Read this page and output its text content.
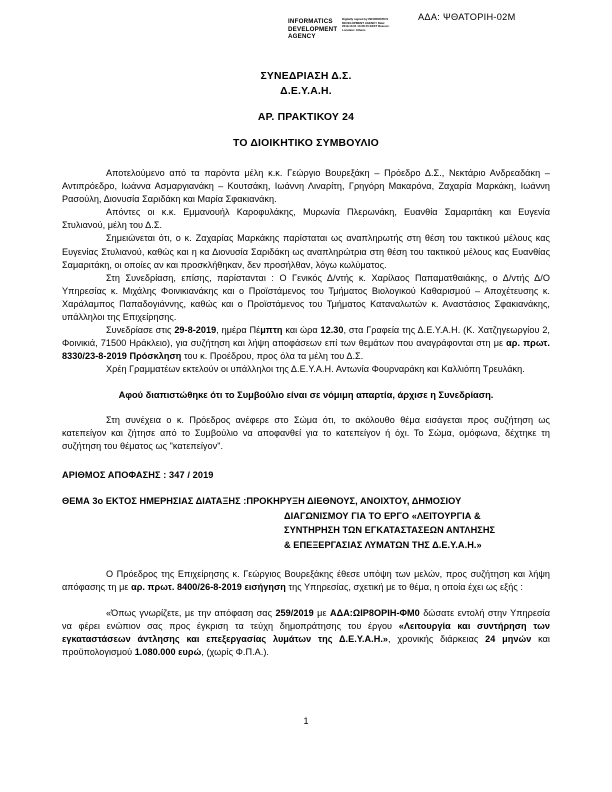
INFORMATICS DEVELOPMENT AGENCY
Digitally signed by INFORMATICS DEVELOPMENT AGENCY Date: 2019.10.01 13:08:15 EEST Reason: Location: Athens
ΑΔΑ: ΨΘΑΤΟΡΙΗ-02Μ
ΣΥΝΕΔΡΙΑΣΗ Δ.Σ.
Δ.Ε.Υ.Α.Η.
ΑΡ. ΠΡΑΚΤΙΚΟΥ 24
ΤΟ ΔΙΟΙΚΗΤΙΚΟ ΣΥΜΒΟΥΛΙΟ

Αποτελούμενο από τα παρόντα μέλη κ.κ. Γεώργιο Βουρεξάκη – Πρόεδρο Δ.Σ., Νεκτάριο Ανδρεαδάκη – Αντιπρόεδρο, Ιωάννα Ασμαργιανάκη – Κουτσάκη, Ιωάννη Λιναρίτη, Γρηγόρη Μακαρόνα, Ζαχαρία Μαρκάκη, Ιωάννη Ρασούλη, Διονυσία Σαριδάκη και Μαρία Σφακιανάκη.

Απόντες οι κ.κ. Εμμανουήλ Καροφυλάκης, Μυρωνία Πλερωνάκη, Ευανθία Σαμαριτάκη και Ευγενία Στυλιανού, μέλη του Δ.Σ.

Σημειώνεται ότι, ο κ. Ζαχαρίας Μαρκάκης παρίσταται ως αναπληρωτής στη θέση του τακτικού μέλους κας Ευγενίας Στυλιανού, καθώς και η κα Διονυσία Σαριδάκη ως αναπληρώτρια στη θέση του τακτικού μέλους κας Ευανθίας Σαμαριτάκη, οι οποίες αν και προσκλήθηκαν, δεν προσήλθαν, λόγω κωλύματος.

Στη Συνεδρίαση, επίσης, παρίστανται : Ο Γενικός Δ/ντής κ. Χαρίλαος Παπαματθαιάκης, ο Δ/ντής Δ/Ο Υπηρεσίας κ. Μιχάλης Φοινικιανάκης και ο Προϊστάμενος του Τμήματος Βιολογικού Καθαρισμού – Αποχέτευσης κ. Χαράλαμπος Παπαδογιάννης, καθώς και ο Προϊστάμενος του Τμήματος Καταναλωτών κ. Αναστάσιος Σφακιανάκης, υπάλληλοι της Επιχείρησης.

Συνεδρίασε στις 29-8-2019, ημέρα Πέμπτη και ώρα 12.30, στα Γραφεία της Δ.Ε.Υ.Α.Η. (Κ. Χατζηγεωργίου 2, Φοινικιά, 71500 Ηράκλειο), για συζήτηση και λήψη αποφάσεων επί των θεμάτων που αναγράφονται στη με αρ. πρωτ. 8330/23-8-2019 Πρόσκληση του κ. Προέδρου, προς όλα τα μέλη του Δ.Σ.

Χρέη Γραμματέων εκτελούν οι υπάλληλοι της Δ.Ε.Υ.Α.Η. Αντωνία Φουρναράκη και Καλλιόπη Τρευλάκη.

Αφού διαπιστώθηκε ότι το Συμβούλιο είναι σε νόμιμη απαρτία, άρχισε η Συνεδρίαση.

Στη συνέχεια ο κ. Πρόεδρος ανέφερε στο Σώμα ότι, το ακόλουθο θέμα εισάγεται προς συζήτηση ως κατεπείγον και ζήτησε από το Συμβούλιο να αποφανθεί για το κατεπείγον ή όχι. Το Σώμα, ομόφωνα, δέχτηκε τη συζήτηση του θέματος ως "κατεπείγον".

ΑΡΙΘΜΟΣ ΑΠΟΦΑΣΗΣ : 347 / 2019

ΘΕΜΑ 3ο ΕΚΤΟΣ ΗΜΕΡΗΣΙΑΣ ΔΙΑΤΑΞΗΣ : ΠΡΟΚΗΡΥΞΗ ΔΙΕΘΝΟΥΣ, ΑΝΟΙΧΤΟΥ, ΔΗΜΟΣΙΟΥ
ΔΙΑΓΩΝΙΣΜΟΥ ΓΙΑ ΤΟ ΕΡΓΟ «ΛΕΙΤΟΥΡΓΙΑ &
ΣΥΝΤΗΡΗΣΗ ΤΩΝ ΕΓΚΑΤΑΣΤΑΣΕΩΝ ΑΝΤΛΗΣΗΣ
& ΕΠΕΞΕΡΓΑΣΙΑΣ ΛΥΜΑΤΩΝ ΤΗΣ Δ.Ε.Υ.Α.Η.»

Ο Πρόεδρος της Επιχείρησης κ. Γεώργιος Βουρεξάκης έθεσε υπόψη των μελών, προς συζήτηση και λήψη απόφασης τη με αρ. πρωτ. 8400/26-8-2019 εισήγηση της Υπηρεσίας, σχετική με το θέμα, η οποία έχει ως εξής :

«Όπως γνωρίζετε, με την απόφαση σας 259/2019 με ΑΔΑ:ΩΙΡ8ΟΡΙΗ-ΦΜ0 δώσατε εντολή στην Υπηρεσία να φέρει ενώπιον σας προς έγκριση τα τεύχη δημοπράτησης του έργου «Λειτουργία και συντήρηση των εγκαταστάσεων άντλησης και επεξεργασίας λυμάτων της Δ.Ε.Υ.Α.Η.», χρονικής διάρκειας 24 μηνών και προϋπολογισμού 1.080.000 ευρώ, (χωρίς Φ.Π.Α.).

1
